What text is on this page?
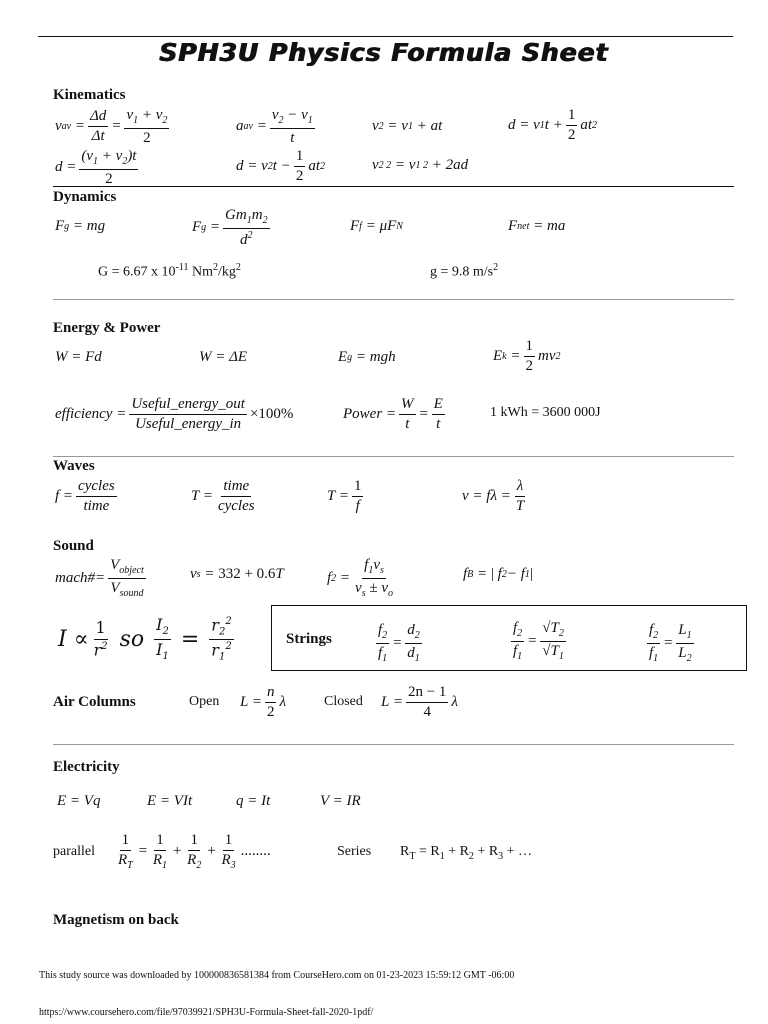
SPH3U Physics Formula Sheet
Kinematics
v av = $\frac{\Delta d}{\Delta t} = \frac{v_1 + v_2}{2}$	a av = $\frac{v_2 - v_1}{t}$	v 2 = v 1 + at	d = v 1 $t + \frac{1}{2}$ at 2
$d = \frac{(v_1 + v_2)t}{2}$	d = v 2 $t - \frac{1}{2}$ at 2	v 2 2 = v 1 2 + 2ad
Dynamics
F g = mg	F $g = \frac{Gm_1m_2}{d^2}$	F f = μF N	F net = ma
G = 6.67 x $10^{-11}$ $Nm^2/kg^2$	g = 9.8 $m/s^2$
Energy & Power
W = Fd	W = ΔE	E g = mgh	E $k = \frac{1}{2}$ mv 2
efficiency = $\frac{\text{Useful\_energy\_out}}{\text{Useful\_energy\_in}} \times 100\%$	Power = $\frac{W}{t} = \frac{E}{t}$	1 kWh = 3600 000J
Waves
$f = \frac{\text{cycles}}{\text{time}}$	$T = \frac{\text{time}}{\text{cycles}}$	$T = \frac{1}{f}$	$v = f\lambda = \frac{\lambda}{T}$
Sound
mach#= $\frac{V_{object}}{V_{sound}}$	v s = 332 + 0.6 T	f $2 = \frac{f_1v_s}{v_s \pm v_o}$	f B = | f 2 − f 1 |
$I \propto \frac{1}{r^2}$ so $\frac{I_2}{I_1}$
=
$\frac{r_2^2}{r_1^2}$	Strings	$\frac{f_2}{f_1} = \frac{d_2}{d_1}$	$\frac{f_2}{f_1} = \frac{√T_2}{√T_1}$	$\frac{f_2}{f_1} = \frac{L_1}{L_2}$
Air Columns	Open $L = \frac{n}{2}$ λ	Closed $L = \frac{2n - 1}{4}$ λ
Electricity
E = Vq	E = VIt	q = It	V = IR
parallel $\frac{1}{R_T} = \frac{1}{R_1} + \frac{1}{R_2} + \frac{1}{R_3}$ ........	Series $R_T = R_1 + R_2 + R_3$ + …
Magnetism on back
This study source was downloaded by 100000836581384 from CourseHero.com on 01-23-2023 15:59:12 GMT -06:00
https://www.coursehero.com/file/97039921/SPH3U-Formula-Sheet-fall-2020-1pdf/
